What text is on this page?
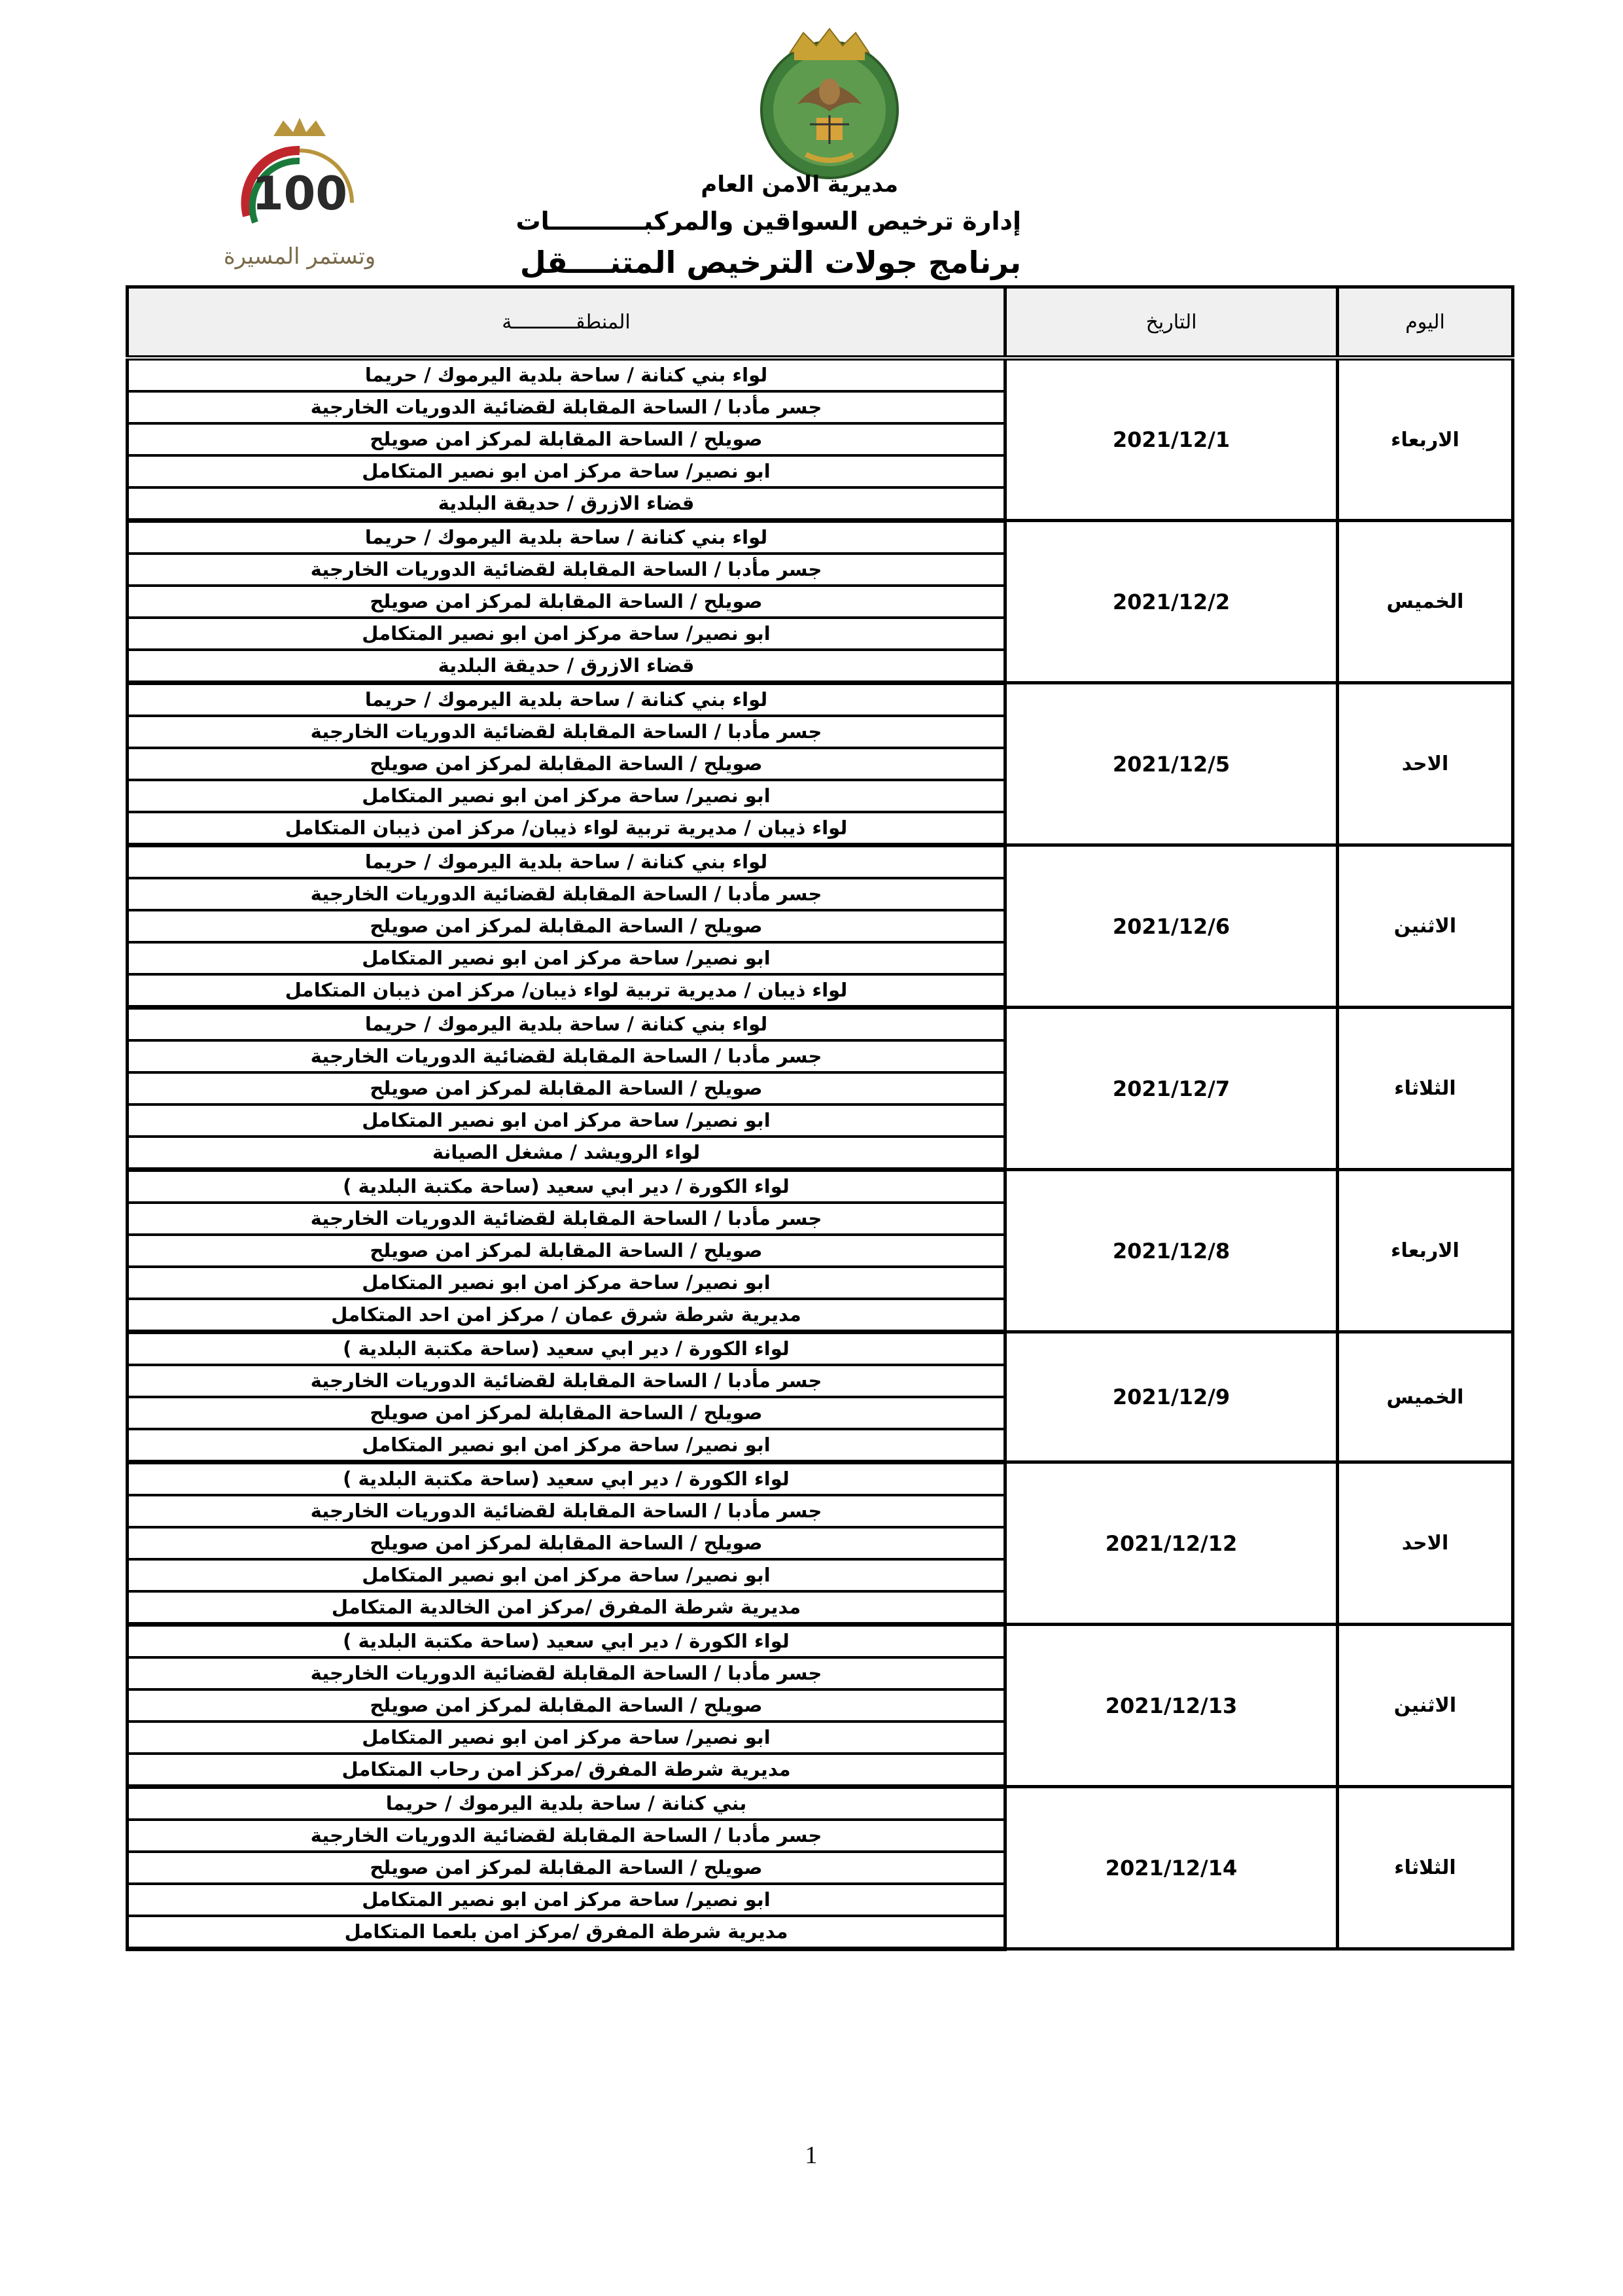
100
وتستمر المسيرة
مديرية الامن العام
إدارة ترخيص السواقين والمركبـــــــــــات
برنامج جولات الترخيص المتنــــقل
اليوم	التاريخ	المنطقـــــــــــة
الاربعاء	2021/12/1	لواء بني كنانة / ساحة بلدية اليرموك / حريما
		جسر مأدبا / الساحة المقابلة لقضائية الدوريات الخارجية
		صويلح / الساحة المقابلة لمركز امن صويلح
		ابو نصير/ ساحة مركز امن ابو نصير المتكامل
		قضاء الازرق / حديقة البلدية
الخميس	2021/12/2	لواء بني كنانة / ساحة بلدية اليرموك / حريما
		جسر مأدبا / الساحة المقابلة لقضائية الدوريات الخارجية
		صويلح / الساحة المقابلة لمركز امن صويلح
		ابو نصير/ ساحة مركز امن ابو نصير المتكامل
		قضاء الازرق / حديقة البلدية
الاحد	2021/12/5	لواء بني كنانة / ساحة بلدية اليرموك / حريما
		جسر مأدبا / الساحة المقابلة لقضائية الدوريات الخارجية
		صويلح / الساحة المقابلة لمركز امن صويلح
		ابو نصير/ ساحة مركز امن ابو نصير المتكامل
		لواء ذيبان / مديرية تربية لواء ذيبان/ مركز امن ذيبان المتكامل
الاثنين	2021/12/6	لواء بني كنانة / ساحة بلدية اليرموك / حريما
		جسر مأدبا / الساحة المقابلة لقضائية الدوريات الخارجية
		صويلح / الساحة المقابلة لمركز امن صويلح
		ابو نصير/ ساحة مركز امن ابو نصير المتكامل
		لواء ذيبان / مديرية تربية لواء ذيبان/ مركز امن ذيبان المتكامل
الثلاثاء	2021/12/7	لواء بني كنانة / ساحة بلدية اليرموك / حريما
		جسر مأدبا / الساحة المقابلة لقضائية الدوريات الخارجية
		صويلح / الساحة المقابلة لمركز امن صويلح
		ابو نصير/ ساحة مركز امن ابو نصير المتكامل
		لواء الرويشد / مشغل الصيانة
الاربعاء	2021/12/8	لواء الكورة / دير ابي سعيد (ساحة مكتبة البلدية )
		جسر مأدبا / الساحة المقابلة لقضائية الدوريات الخارجية
		صويلح / الساحة المقابلة لمركز امن صويلح
		ابو نصير/ ساحة مركز امن ابو نصير المتكامل
		مديرية شرطة شرق عمان / مركز امن احد المتكامل
الخميس	2021/12/9	لواء الكورة / دير ابي سعيد (ساحة مكتبة البلدية )
		جسر مأدبا / الساحة المقابلة لقضائية الدوريات الخارجية
		صويلح / الساحة المقابلة لمركز امن صويلح
		ابو نصير/ ساحة مركز امن ابو نصير المتكامل
الاحد	2021/12/12	لواء الكورة / دير ابي سعيد (ساحة مكتبة البلدية )
		جسر مأدبا / الساحة المقابلة لقضائية الدوريات الخارجية
		صويلح / الساحة المقابلة لمركز امن صويلح
		ابو نصير/ ساحة مركز امن ابو نصير المتكامل
		مديرية شرطة المفرق /مركز امن الخالدية المتكامل
الاثنين	2021/12/13	لواء الكورة / دير ابي سعيد (ساحة مكتبة البلدية )
		جسر مأدبا / الساحة المقابلة لقضائية الدوريات الخارجية
		صويلح / الساحة المقابلة لمركز امن صويلح
		ابو نصير/ ساحة مركز امن ابو نصير المتكامل
		مديرية شرطة المفرق /مركز امن رحاب المتكامل
الثلاثاء	2021/12/14	بني كنانة / ساحة بلدية اليرموك / حريما
		جسر مأدبا / الساحة المقابلة لقضائية الدوريات الخارجية
		صويلح / الساحة المقابلة لمركز امن صويلح
		ابو نصير/ ساحة مركز امن ابو نصير المتكامل
		مديرية شرطة المفرق /مركز امن بلعما المتكامل
1
